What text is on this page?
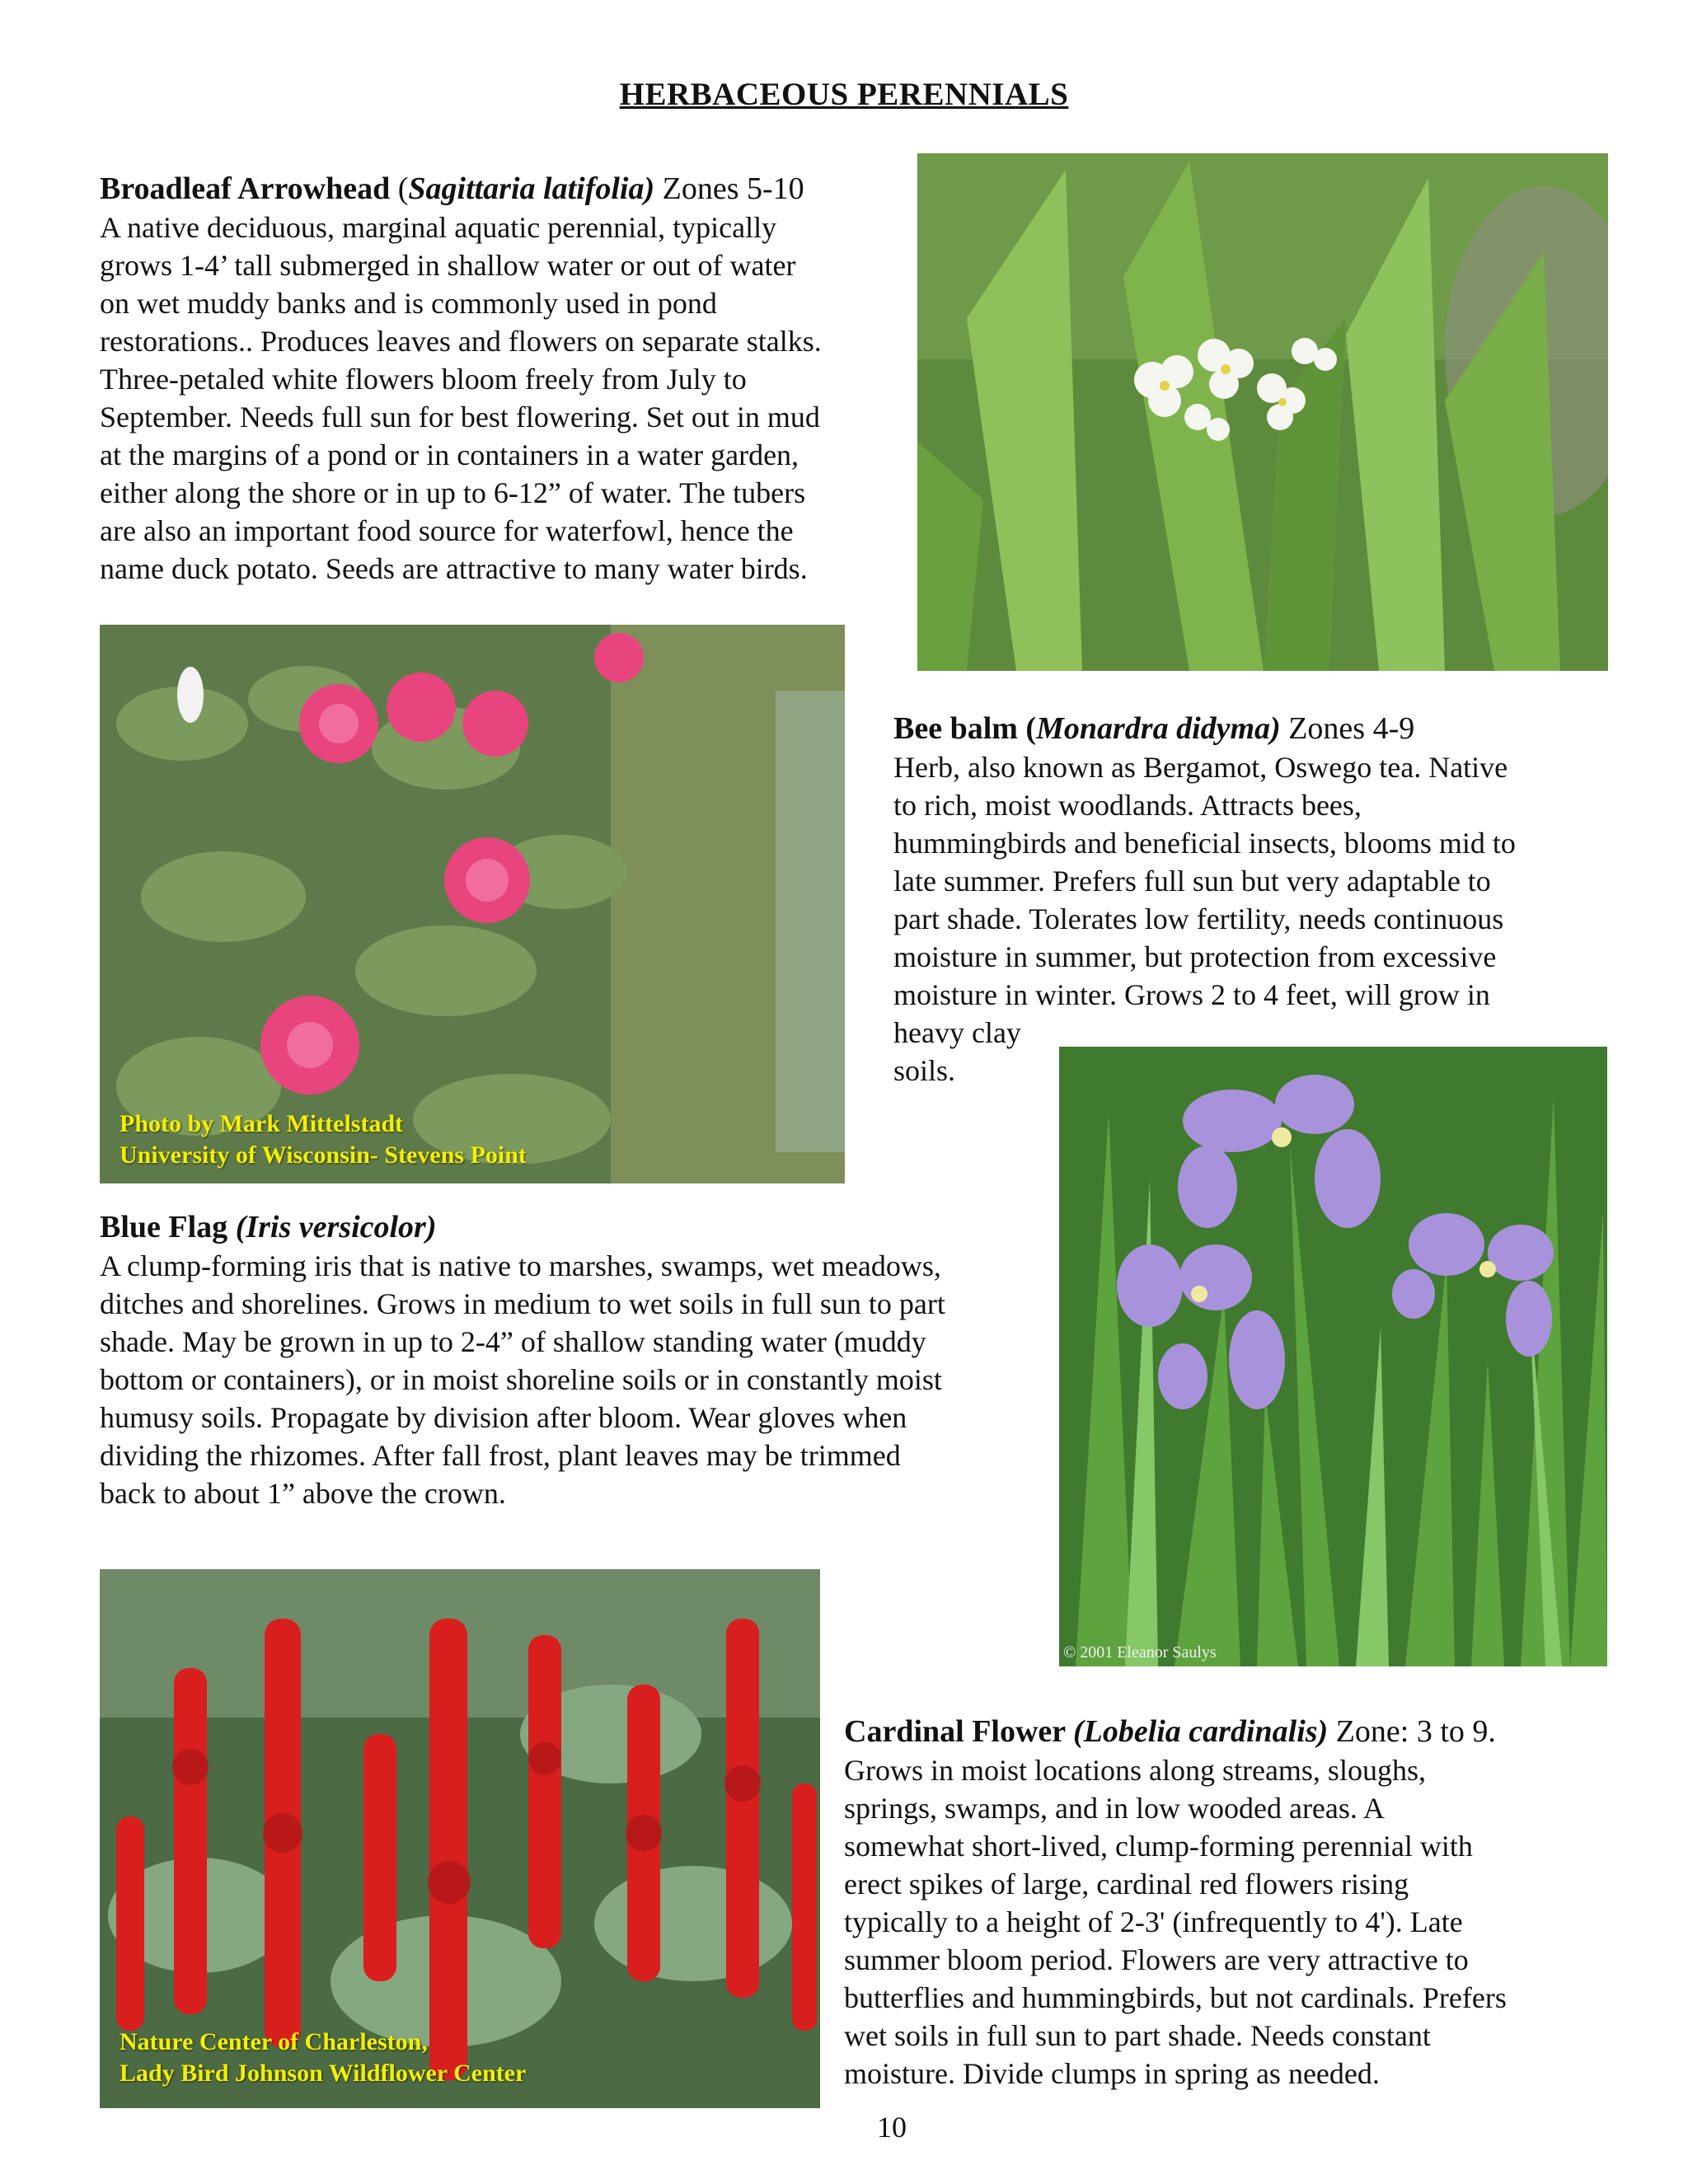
HERBACEOUS PERENNIALS
Broadleaf Arrowhead (Sagittaria latifolia) Zones 5-10
A native deciduous, marginal aquatic perennial, typically
grows 1-4’ tall submerged in shallow water or out of water
on wet muddy banks and is commonly used in pond
restorations.. Produces leaves and flowers on separate stalks.
Three-petaled white flowers bloom freely from July to
September. Needs full sun for best flowering. Set out in mud
at the margins of a pond or in containers in a water garden,
either along the shore or in up to 6-12” of water. The tubers
are also an important food source for waterfowl, hence the
name duck potato. Seeds are attractive to many water birds.
Photo by Mark Mittelstadt
University of Wisconsin- Stevens Point
Bee balm (Monardra didyma) Zones 4-9
Herb, also known as Bergamot, Oswego tea. Native
to rich, moist woodlands. Attracts bees,
hummingbirds and beneficial insects, blooms mid to
late summer. Prefers full sun but very adaptable to
part shade. Tolerates low fertility, needs continuous
moisture in summer, but protection from excessive
moisture in winter. Grows 2 to 4 feet, will grow in
heavy clay
soils.
© 2001 Eleanor Saulys
Blue Flag (Iris versicolor)
A clump-forming iris that is native to marshes, swamps, wet meadows,
ditches and shorelines. Grows in medium to wet soils in full sun to part
shade. May be grown in up to 2-4” of shallow standing water (muddy
bottom or containers), or in moist shoreline soils or in constantly moist
humusy soils. Propagate by division after bloom. Wear gloves when
dividing the rhizomes. After fall frost, plant leaves may be trimmed
back to about 1” above the crown.
Nature Center of Charleston,
Lady Bird Johnson Wildflower Center
Cardinal Flower (Lobelia cardinalis) Zone: 3 to 9.
Grows in moist locations along streams, sloughs,
springs, swamps, and in low wooded areas. A
somewhat short-lived, clump-forming perennial with
erect spikes of large, cardinal red flowers rising
typically to a height of 2-3' (infrequently to 4'). Late
summer bloom period. Flowers are very attractive to
butterflies and hummingbirds, but not cardinals. Prefers
wet soils in full sun to part shade. Needs constant
moisture. Divide clumps in spring as needed.
10
